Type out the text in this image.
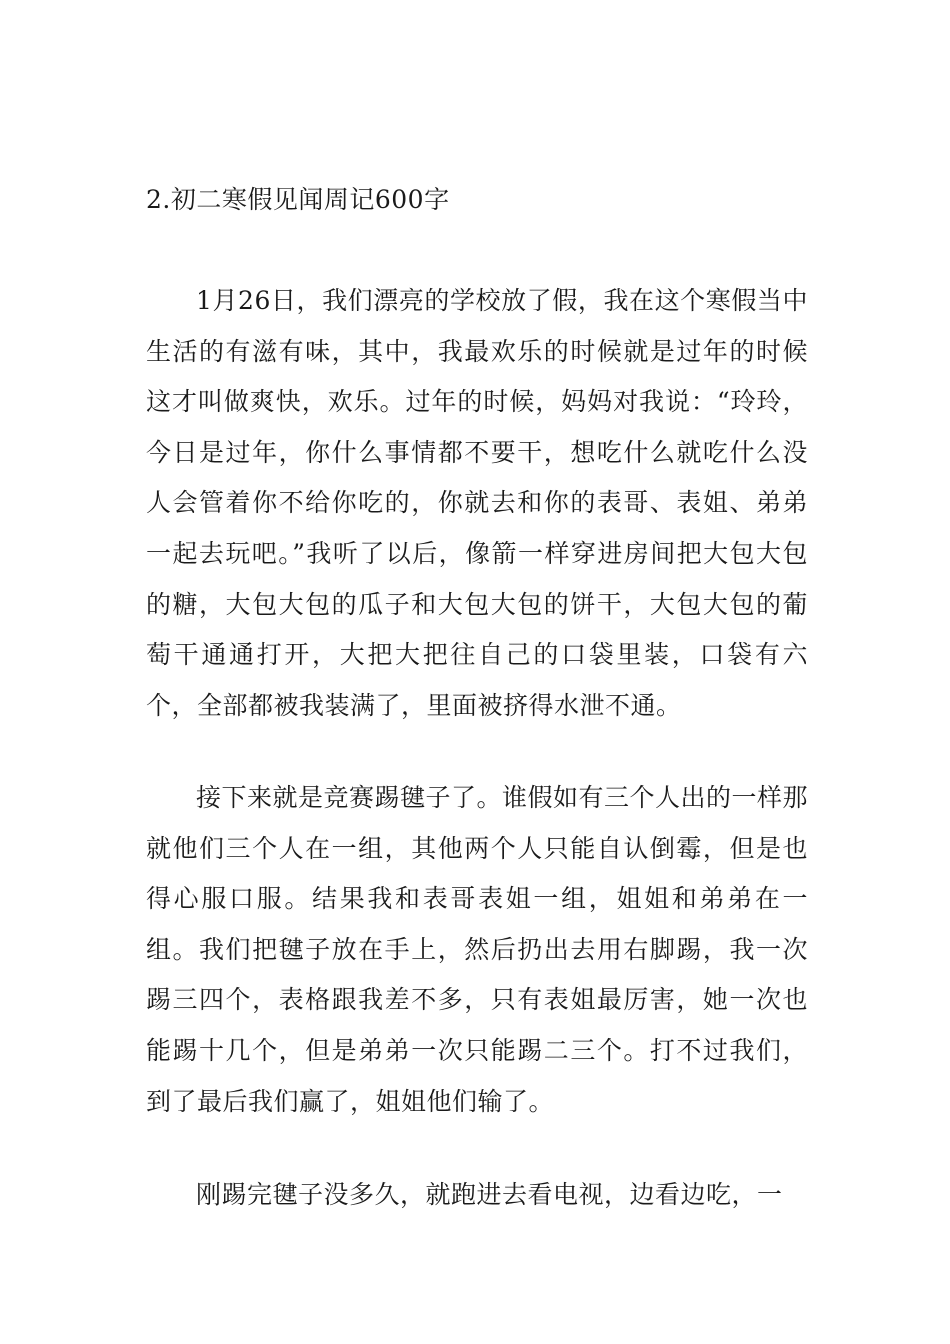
2.初二寒假见闻周记600字

1月26日，我们漂亮的学校放了假，我在这个寒假当中生活的有滋有味，其中，我最欢乐的时候就是过年的时候这才叫做爽快，欢乐。过年的时候，妈妈对我说：“玲玲，今日是过年，你什么事情都不要干，想吃什么就吃什么没人会管着你不给你吃的，你就去和你的表哥、表姐、弟弟一起去玩吧。”我听了以后，像箭一样穿进房间把大包大包的糖，大包大包的瓜子和大包大包的饼干，大包大包的葡萄干通通打开，大把大把往自己的口袋里装，口袋有六个，全部都被我装满了，里面被挤得水泄不通。

接下来就是竞赛踢毽子了。谁假如有三个人出的一样那就他们三个人在一组，其他两个人只能自认倒霉，但是也得心服口服。结果我和表哥表姐一组，姐姐和弟弟在一组。我们把毽子放在手上，然后扔出去用右脚踢，我一次踢三四个，表格跟我差不多，只有表姐最厉害，她一次也能踢十几个，但是弟弟一次只能踢二三个。打不过我们，到了最后我们赢了，姐姐他们输了。

刚踢完毽子没多久，就跑进去看电视，边看边吃，一
